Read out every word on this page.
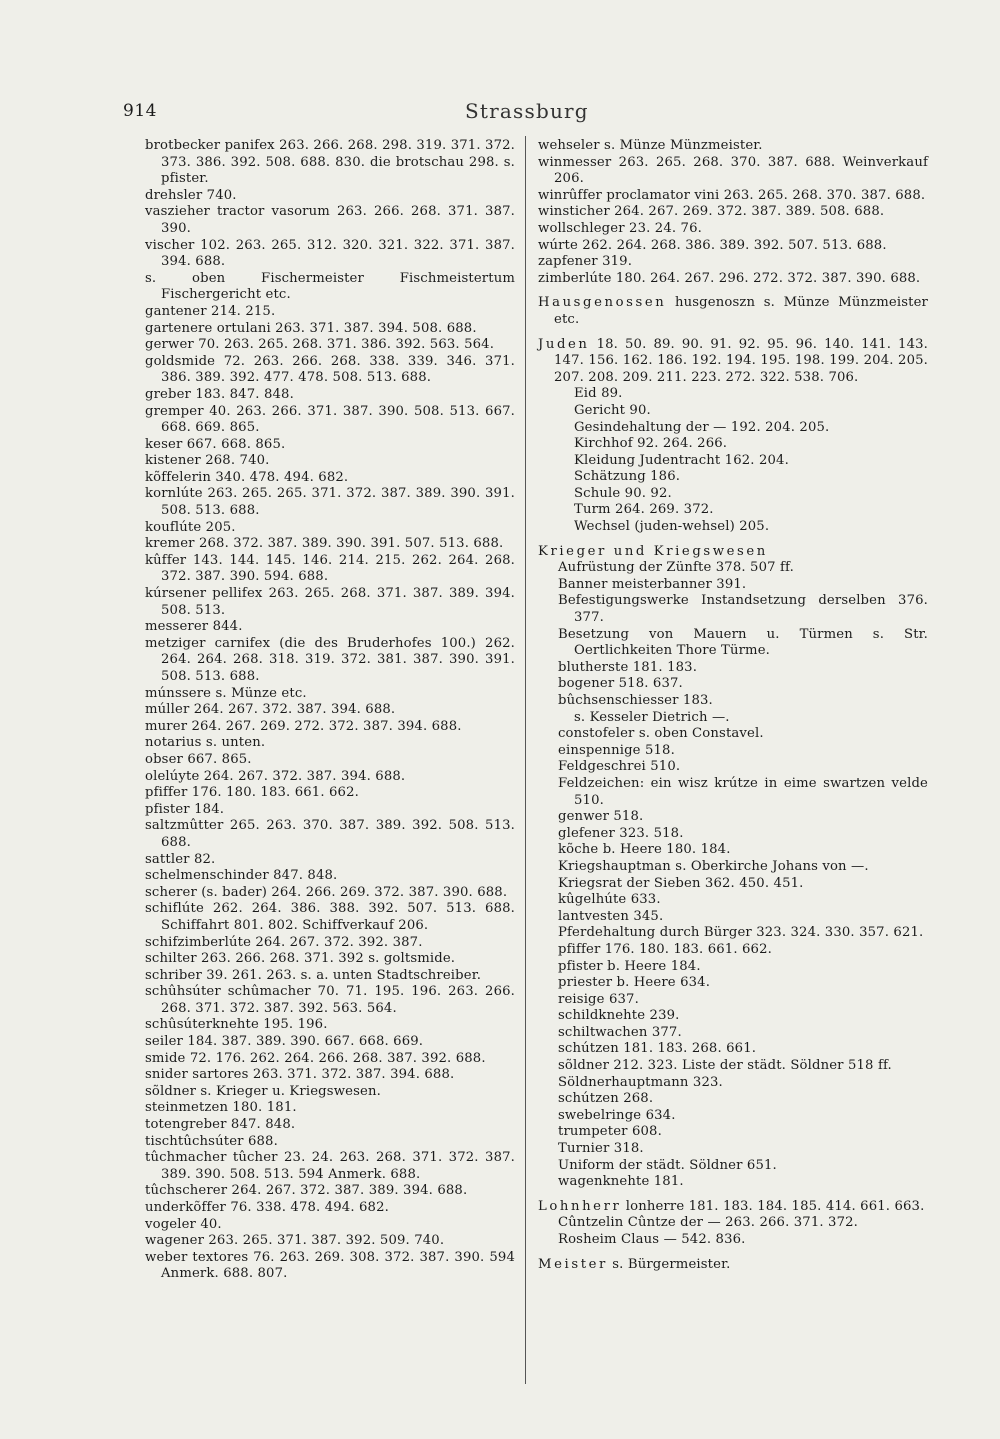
914	Strassburg
brotbecker panifex 263. 266. 268. 298. 319. 371. 372. 373. 386. 392. 508. 688. 830. die brotschau 298. s. pfister.
drehsler 740.
vaszieher tractor vasorum 263. 266. 268. 371. 387. 390.
vischer 102. 263. 265. 312. 320. 321. 322. 371. 387. 394. 688.
s. oben Fischermeister Fischmeistertum Fischergericht etc.
gantener 214. 215.
gartenere ortulani 263. 371. 387. 394. 508. 688.
gerwer 70. 263. 265. 268. 371. 386. 392. 563. 564.
goldsmide 72. 263. 266. 268. 338. 339. 346. 371. 386. 389. 392. 477. 478. 508. 513. 688.
greber 183. 847. 848.
gremper 40. 263. 266. 371. 387. 390. 508. 513. 667. 668. 669. 865.
keser 667. 668. 865.
kistener 268. 740.
kõffelerin 340. 478. 494. 682.
kornlúte 263. 265. 265. 371. 372. 387. 389. 390. 391. 508. 513. 688.
kouflúte 205.
kremer 268. 372. 387. 389. 390. 391. 507. 513. 688.
kûffer 143. 144. 145. 146. 214. 215. 262. 264. 268. 372. 387. 390. 594. 688.
kúrsener pellifex 263. 265. 268. 371. 387. 389. 394. 508. 513.
messerer 844.
metziger carnifex (die des Bruderhofes 100.) 262. 264. 264. 268. 318. 319. 372. 381. 387. 390. 391. 508. 513. 688.
múnssere s. Münze etc.
múller 264. 267. 372. 387. 394. 688.
murer 264. 267. 269. 272. 372. 387. 394. 688.
notarius s. unten.
obser 667. 865.
olelúyte 264. 267. 372. 387. 394. 688.
pfiffer 176. 180. 183. 661. 662.
pfister 184.
saltzmûtter 265. 263. 370. 387. 389. 392. 508. 513. 688.
sattler 82.
schelmenschinder 847. 848.
scherer (s. bader) 264. 266. 269. 372. 387. 390. 688.
schiflúte 262. 264. 386. 388. 392. 507. 513. 688. Schiffahrt 801. 802. Schiffverkauf 206.
schifzimberlúte 264. 267. 372. 392. 387.
schilter 263. 266. 268. 371. 392 s. goltsmide.
schriber 39. 261. 263. s. a. unten Stadtschreiber.
schûhsúter schûmacher 70. 71. 195. 196. 263. 266. 268. 371. 372. 387. 392. 563. 564.
schûsúterknehte 195. 196.
seiler 184. 387. 389. 390. 667. 668. 669.
smide 72. 176. 262. 264. 266. 268. 387. 392. 688.
snider sartores 263. 371. 372. 387. 394. 688.
sõldner s. Krieger u. Kriegswesen.
steinmetzen 180. 181.
totengreber 847. 848.
tischtûchsúter 688.
tûchmacher tûcher 23. 24. 263. 268. 371. 372. 387. 389. 390. 508. 513. 594 Anmerk. 688.
tûchscherer 264. 267. 372. 387. 389. 394. 688.
underkõffer 76. 338. 478. 494. 682.
vogeler 40.
wagener 263. 265. 371. 387. 392. 509. 740.
weber textores 76. 263. 269. 308. 372. 387. 390. 594 Anmerk. 688. 807.
wehseler s. Münze Münzmeister.
winmesser 263. 265. 268. 370. 387. 688. Weinverkauf 206.
winrûffer proclamator vini 263. 265. 268. 370. 387. 688.
winsticher 264. 267. 269. 372. 387. 389. 508. 688.
wollschleger 23. 24. 76.
wúrte 262. 264. 268. 386. 389. 392. 507. 513. 688.
zapfener 319.
zimberlúte 180. 264. 267. 296. 272. 372. 387. 390. 688.
Hausgenossen husgenoszn s. Münze Münzmeister etc.
Juden 18. 50. 89. 90. 91. 92. 95. 96. 140. 141. 143. 147. 156. 162. 186. 192. 194. 195. 198. 199. 204. 205. 207. 208. 209. 211. 223. 272. 322. 538. 706.
Eid 89.
Gericht 90.
Gesindehaltung der — 192. 204. 205.
Kirchhof 92. 264. 266.
Kleidung Judentracht 162. 204.
Schätzung 186.
Schule 90. 92.
Turm 264. 269. 372.
Wechsel (juden-wehsel) 205.
Krieger und Kriegswesen
Aufrüstung der Zünfte 378. 507 ff.
Banner meisterbanner 391.
Befestigungswerke Instandsetzung derselben 376. 377.
Besetzung von Mauern u. Türmen s. Str. Oertlichkeiten Thore Türme.
blutherste 181. 183.
bogener 518. 637.
bûchsenschiesser 183.
s. Kesseler Dietrich —.
constofeler s. oben Constavel.
einspennige 518.
Feldgeschrei 510.
Feldzeichen: ein wisz krútze in eime swartzen velde 510.
genwer 518.
glefener 323. 518.
kõche b. Heere 180. 184.
Kriegshauptman s. Oberkirche Johans von —.
Kriegsrat der Sieben 362. 450. 451.
kûgelhúte 633.
lantvesten 345.
Pferdehaltung durch Bürger 323. 324. 330. 357. 621.
pfiffer 176. 180. 183. 661. 662.
pfister b. Heere 184.
priester b. Heere 634.
reisige 637.
schildknehte 239.
schiltwachen 377.
schútzen 181. 183. 268. 661.
sõldner 212. 323. Liste der städt. Söldner 518 ff.
Söldnerhauptmann 323.
schútzen 268.
swebelringe 634.
trumpeter 608.
Turnier 318.
Uniform der städt. Söldner 651.
wagenknehte 181.
Lohnherr lonherre 181. 183. 184. 185. 414. 661. 663.
Cûntzelin Cûntze der — 263. 266. 371. 372.
Rosheim Claus — 542. 836.
Meister s. Bürgermeister.
